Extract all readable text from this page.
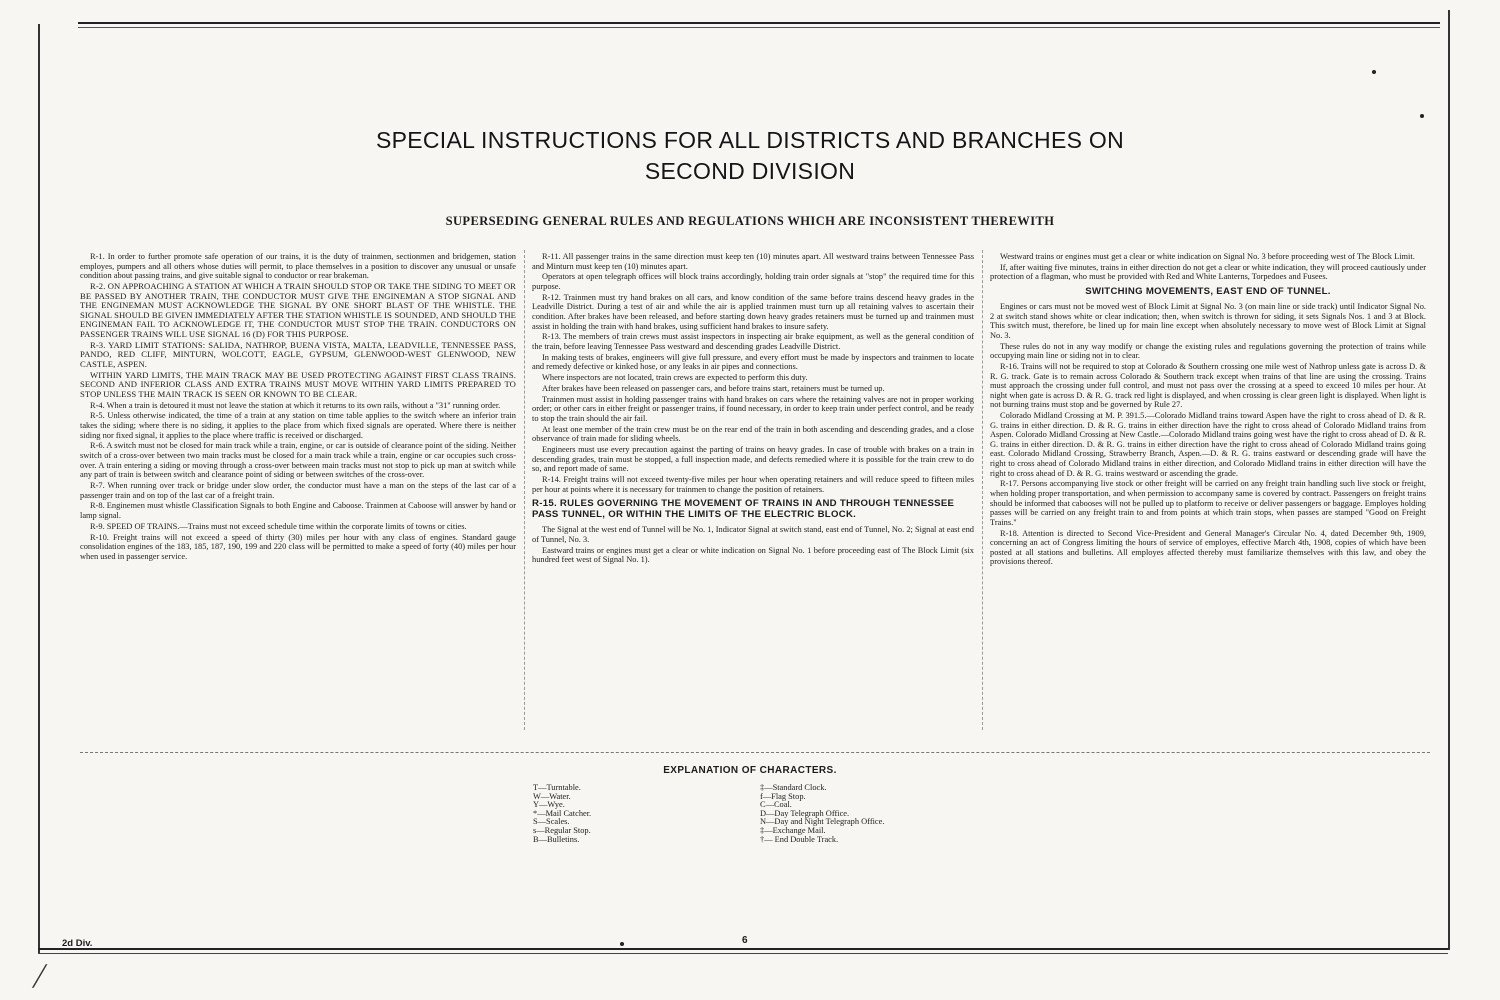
SPECIAL INSTRUCTIONS FOR ALL DISTRICTS AND BRANCHES ON
SECOND DIVISION
SUPERSEDING GENERAL RULES AND REGULATIONS WHICH ARE INCONSISTENT THEREWITH

R-1. In order to further promote safe operation of our trains, it is the duty of trainmen, sectionmen and bridgemen, station employes, pumpers and all others whose duties will permit, to place themselves in a position to discover any unusual or unsafe condition about passing trains, and give suitable signal to conductor or rear brakeman.

R-2. ON APPROACHING A STATION AT WHICH A TRAIN SHOULD STOP OR TAKE THE SIDING TO MEET OR BE PASSED BY ANOTHER TRAIN, THE CONDUCTOR MUST GIVE THE ENGINEMAN A STOP SIGNAL AND THE ENGINEMAN MUST ACKNOWLEDGE THE SIGNAL BY ONE SHORT BLAST OF THE WHISTLE. THE SIGNAL SHOULD BE GIVEN IMMEDIATELY AFTER THE STATION WHISTLE IS SOUNDED, AND SHOULD THE ENGINEMAN FAIL TO ACKNOWLEDGE IT, THE CONDUCTOR MUST STOP THE TRAIN. CONDUCTORS ON PASSENGER TRAINS WILL USE SIGNAL 16 (D) FOR THIS PURPOSE.

R-3. YARD LIMIT STATIONS: SALIDA, NATHROP, BUENA VISTA, MALTA, LEADVILLE, TENNESSEE PASS, PANDO, RED CLIFF, MINTURN, WOLCOTT, EAGLE, GYPSUM, GLENWOOD-WEST GLENWOOD, NEW CASTLE, ASPEN.

WITHIN YARD LIMITS, THE MAIN TRACK MAY BE USED PROTECTING AGAINST FIRST CLASS TRAINS. SECOND AND INFERIOR CLASS AND EXTRA TRAINS MUST MOVE WITHIN YARD LIMITS PREPARED TO STOP UNLESS THE MAIN TRACK IS SEEN OR KNOWN TO BE CLEAR.

R-4. When a train is detoured it must not leave the station at which it returns to its own rails, without a "31" running order.

R-5. Unless otherwise indicated, the time of a train at any station on time table applies to the switch where an inferior train takes the siding; where there is no siding, it applies to the place from which fixed signals are operated. Where there is neither siding nor fixed signal, it applies to the place where traffic is received or discharged.

R-6. A switch must not be closed for main track while a train, engine, or car is outside of clearance point of the siding. Neither switch of a cross-over between two main tracks must be closed for a main track while a train, engine or car occupies such cross-over. A train entering a siding or moving through a cross-over between main tracks must not stop to pick up man at switch while any part of train is between switch and clearance point of siding or between switches of the cross-over.

R-7. When running over track or bridge under slow order, the conductor must have a man on the steps of the last car of a passenger train and on top of the last car of a freight train.

R-8. Enginemen must whistle Classification Signals to both Engine and Caboose. Trainmen at Caboose will answer by hand or lamp signal.

R-9. SPEED OF TRAINS.—Trains must not exceed schedule time within the corporate limits of towns or cities.

R-10. Freight trains will not exceed a speed of thirty (30) miles per hour with any class of engines. Standard gauge consolidation engines of the 183, 185, 187, 190, 199 and 220 class will be permitted to make a speed of forty (40) miles per hour when used in passenger service.

R-11. All passenger trains in the same direction must keep ten (10) minutes apart. All westward trains between Tennessee Pass and Minturn must keep ten (10) minutes apart.

Operators at open telegraph offices will block trains accordingly, holding train order signals at "stop" the required time for this purpose.

R-12. Trainmen must try hand brakes on all cars, and know condition of the same before trains descend heavy grades in the Leadville District. During a test of air and while the air is applied trainmen must turn up all retaining valves to ascertain their condition. After brakes have been released, and before starting down heavy grades retainers must be turned up and trainmen must assist in holding the train with hand brakes, using sufficient hand brakes to insure safety.

R-13. The members of train crews must assist inspectors in inspecting air brake equipment, as well as the general condition of the train, before leaving Tennessee Pass westward and descending grades Leadville District.

In making tests of brakes, engineers will give full pressure, and every effort must be made by inspectors and trainmen to locate and remedy defective or kinked hose, or any leaks in air pipes and connections.

Where inspectors are not located, train crews are expected to perform this duty.

After brakes have been released on passenger cars, and before trains start, retainers must be turned up.

Trainmen must assist in holding passenger trains with hand brakes on cars where the retaining valves are not in proper working order; or other cars in either freight or passenger trains, if found necessary, in order to keep train under perfect control, and be ready to stop the train should the air fail.

At least one member of the train crew must be on the rear end of the train in both ascending and descending grades, and a close observance of train made for sliding wheels.

Engineers must use every precaution against the parting of trains on heavy grades. In case of trouble with brakes on a train in descending grades, train must be stopped, a full inspection made, and defects remedied where it is possible for the train crew to do so, and report made of same.

R-14. Freight trains will not exceed twenty-five miles per hour when operating retainers and will reduce speed to fifteen miles per hour at points where it is necessary for trainmen to change the position of retainers.

R-15. RULES GOVERNING THE MOVEMENT OF TRAINS IN AND THROUGH TENNESSEE PASS TUNNEL, OR WITHIN THE LIMITS OF THE ELECTRIC BLOCK.

The Signal at the west end of Tunnel will be No. 1, Indicator Signal at switch stand, east end of Tunnel, No. 2; Signal at east end of Tunnel, No. 3.

Eastward trains or engines must get a clear or white indication on Signal No. 1 before proceeding east of The Block Limit (six hundred feet west of Signal No. 1).

Westward trains or engines must get a clear or white indication on Signal No. 3 before proceeding west of The Block Limit.

If, after waiting five minutes, trains in either direction do not get a clear or white indication, they will proceed cautiously under protection of a flagman, who must be provided with Red and White Lanterns, Torpedoes and Fusees.

SWITCHING MOVEMENTS, EAST END OF TUNNEL.

Engines or cars must not be moved west of Block Limit at Signal No. 3 (on main line or side track) until Indicator Signal No. 2 at switch stand shows white or clear indication; then, when switch is thrown for siding, it sets Signals Nos. 1 and 3 at Block. This switch must, therefore, be lined up for main line except when absolutely necessary to move west of Block Limit at Signal No. 3.

These rules do not in any way modify or change the existing rules and regulations governing the protection of trains while occupying main line or siding not in to clear.

R-16. Trains will not be required to stop at Colorado & Southern crossing one mile west of Nathrop unless gate is across D. & R. G. track. Gate is to remain across Colorado & Southern track except when trains of that line are using the crossing. Trains must approach the crossing under full control, and must not pass over the crossing at a speed to exceed 10 miles per hour. At night when gate is across D. & R. G. track red light is displayed, and when crossing is clear green light is displayed. When light is not burning trains must stop and be governed by Rule 27.

Colorado Midland Crossing at M. P. 391.5.—Colorado Midland trains toward Aspen have the right to cross ahead of D. & R. G. trains in either direction. D. & R. G. trains in either direction have the right to cross ahead of Colorado Midland trains from Aspen. Colorado Midland Crossing at New Castle.—Colorado Midland trains going west have the right to cross ahead of D. & R. G. trains in either direction. D. & R. G. trains in either direction have the right to cross ahead of Colorado Midland trains going east. Colorado Midland Crossing, Strawberry Branch, Aspen.—D. & R. G. trains eastward or descending grade will have the right to cross ahead of Colorado Midland trains in either direction, and Colorado Midland trains in either direction will have the right to cross ahead of D. & R. G. trains westward or ascending the grade.

R-17. Persons accompanying live stock or other freight will be carried on any freight train handling such live stock or freight, when holding proper transportation, and when permission to accompany same is covered by contract. Passengers on freight trains should be informed that cabooses will not be pulled up to platform to receive or deliver passengers or baggage. Employes holding passes will be carried on any freight train to and from points at which train stops, when passes are stamped "Good on Freight Trains."

R-18. Attention is directed to Second Vice-President and General Manager's Circular No. 4, dated December 9th, 1909, concerning an act of Congress limiting the hours of service of employes, effective March 4th, 1908, copies of which have been posted at all stations and bulletins. All employes affected thereby must familiarize themselves with this law, and obey the provisions thereof.

EXPLANATION OF CHARACTERS.
T—Turntable.
W—Water.
Y—Wye.
*—Mail Catcher.
S—Scales.
s—Regular Stop.
B—Bulletins.
‡—Standard Clock.
f—Flag Stop.
C—Coal.
D—Day Telegraph Office.
N—Day and Night Telegraph Office.
‡—Exchange Mail.
†— End Double Track.
2d Div.	6
⟋
